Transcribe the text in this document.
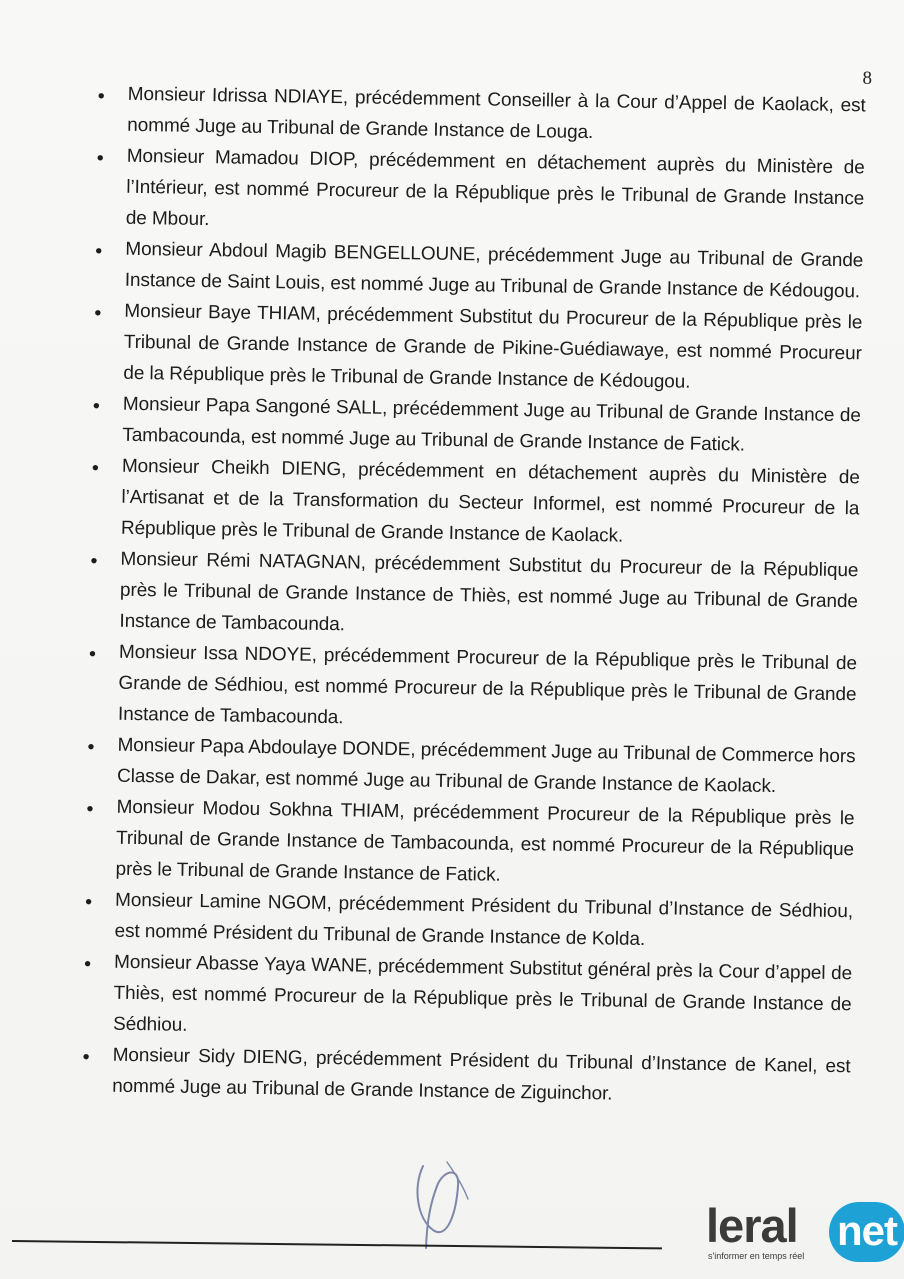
8
• Monsieur Idrissa NDIAYE, précédemment Conseiller à la Cour d’Appel de Kaolack, est nommé Juge au Tribunal de Grande Instance de Louga.
• Monsieur Mamadou DIOP, précédemment en détachement auprès du Ministère de l’Intérieur, est nommé Procureur de la République près le Tribunal de Grande Instance de Mbour.
• Monsieur Abdoul Magib BENGELLOUNE, précédemment Juge au Tribunal de Grande Instance de Saint Louis, est nommé Juge au Tribunal de Grande Instance de Kédougou.
• Monsieur Baye THIAM, précédemment Substitut du Procureur de la République près le Tribunal de Grande Instance de Grande de Pikine-Guédiawaye, est nommé Procureur de la République près le Tribunal de Grande Instance de Kédougou.
• Monsieur Papa Sangoné SALL, précédemment Juge au Tribunal de Grande Instance de Tambacounda, est nommé Juge au Tribunal de Grande Instance de Fatick.
• Monsieur Cheikh DIENG, précédemment en détachement auprès du Ministère de l’Artisanat et de la Transformation du Secteur Informel, est nommé Procureur de la République près le Tribunal de Grande Instance de Kaolack.
• Monsieur Rémi NATAGNAN, précédemment Substitut du Procureur de la République près le Tribunal de Grande Instance de Thiès, est nommé Juge au Tribunal de Grande Instance de Tambacounda.
• Monsieur Issa NDOYE, précédemment Procureur de la République près le Tribunal de Grande de Sédhiou, est nommé Procureur de la République près le Tribunal de Grande Instance de Tambacounda.
• Monsieur Papa Abdoulaye DONDE, précédemment Juge au Tribunal de Commerce hors Classe de Dakar, est nommé Juge au Tribunal de Grande Instance de Kaolack.
• Monsieur Modou Sokhna THIAM, précédemment Procureur de la République près le Tribunal de Grande Instance de Tambacounda, est nommé Procureur de la République près le Tribunal de Grande Instance de Fatick.
• Monsieur Lamine NGOM, précédemment Président du Tribunal d’Instance de Sédhiou, est nommé Président du Tribunal de Grande Instance de Kolda.
• Monsieur Abasse Yaya WANE, précédemment Substitut général près la Cour d’appel de Thiès, est nommé Procureur de la République près le Tribunal de Grande Instance de Sédhiou.
• Monsieur Sidy DIENG, précédemment Président du Tribunal d’Instance de Kanel, est nommé Juge au Tribunal de Grande Instance de Ziguinchor.
leral net
s'informer en temps réel
